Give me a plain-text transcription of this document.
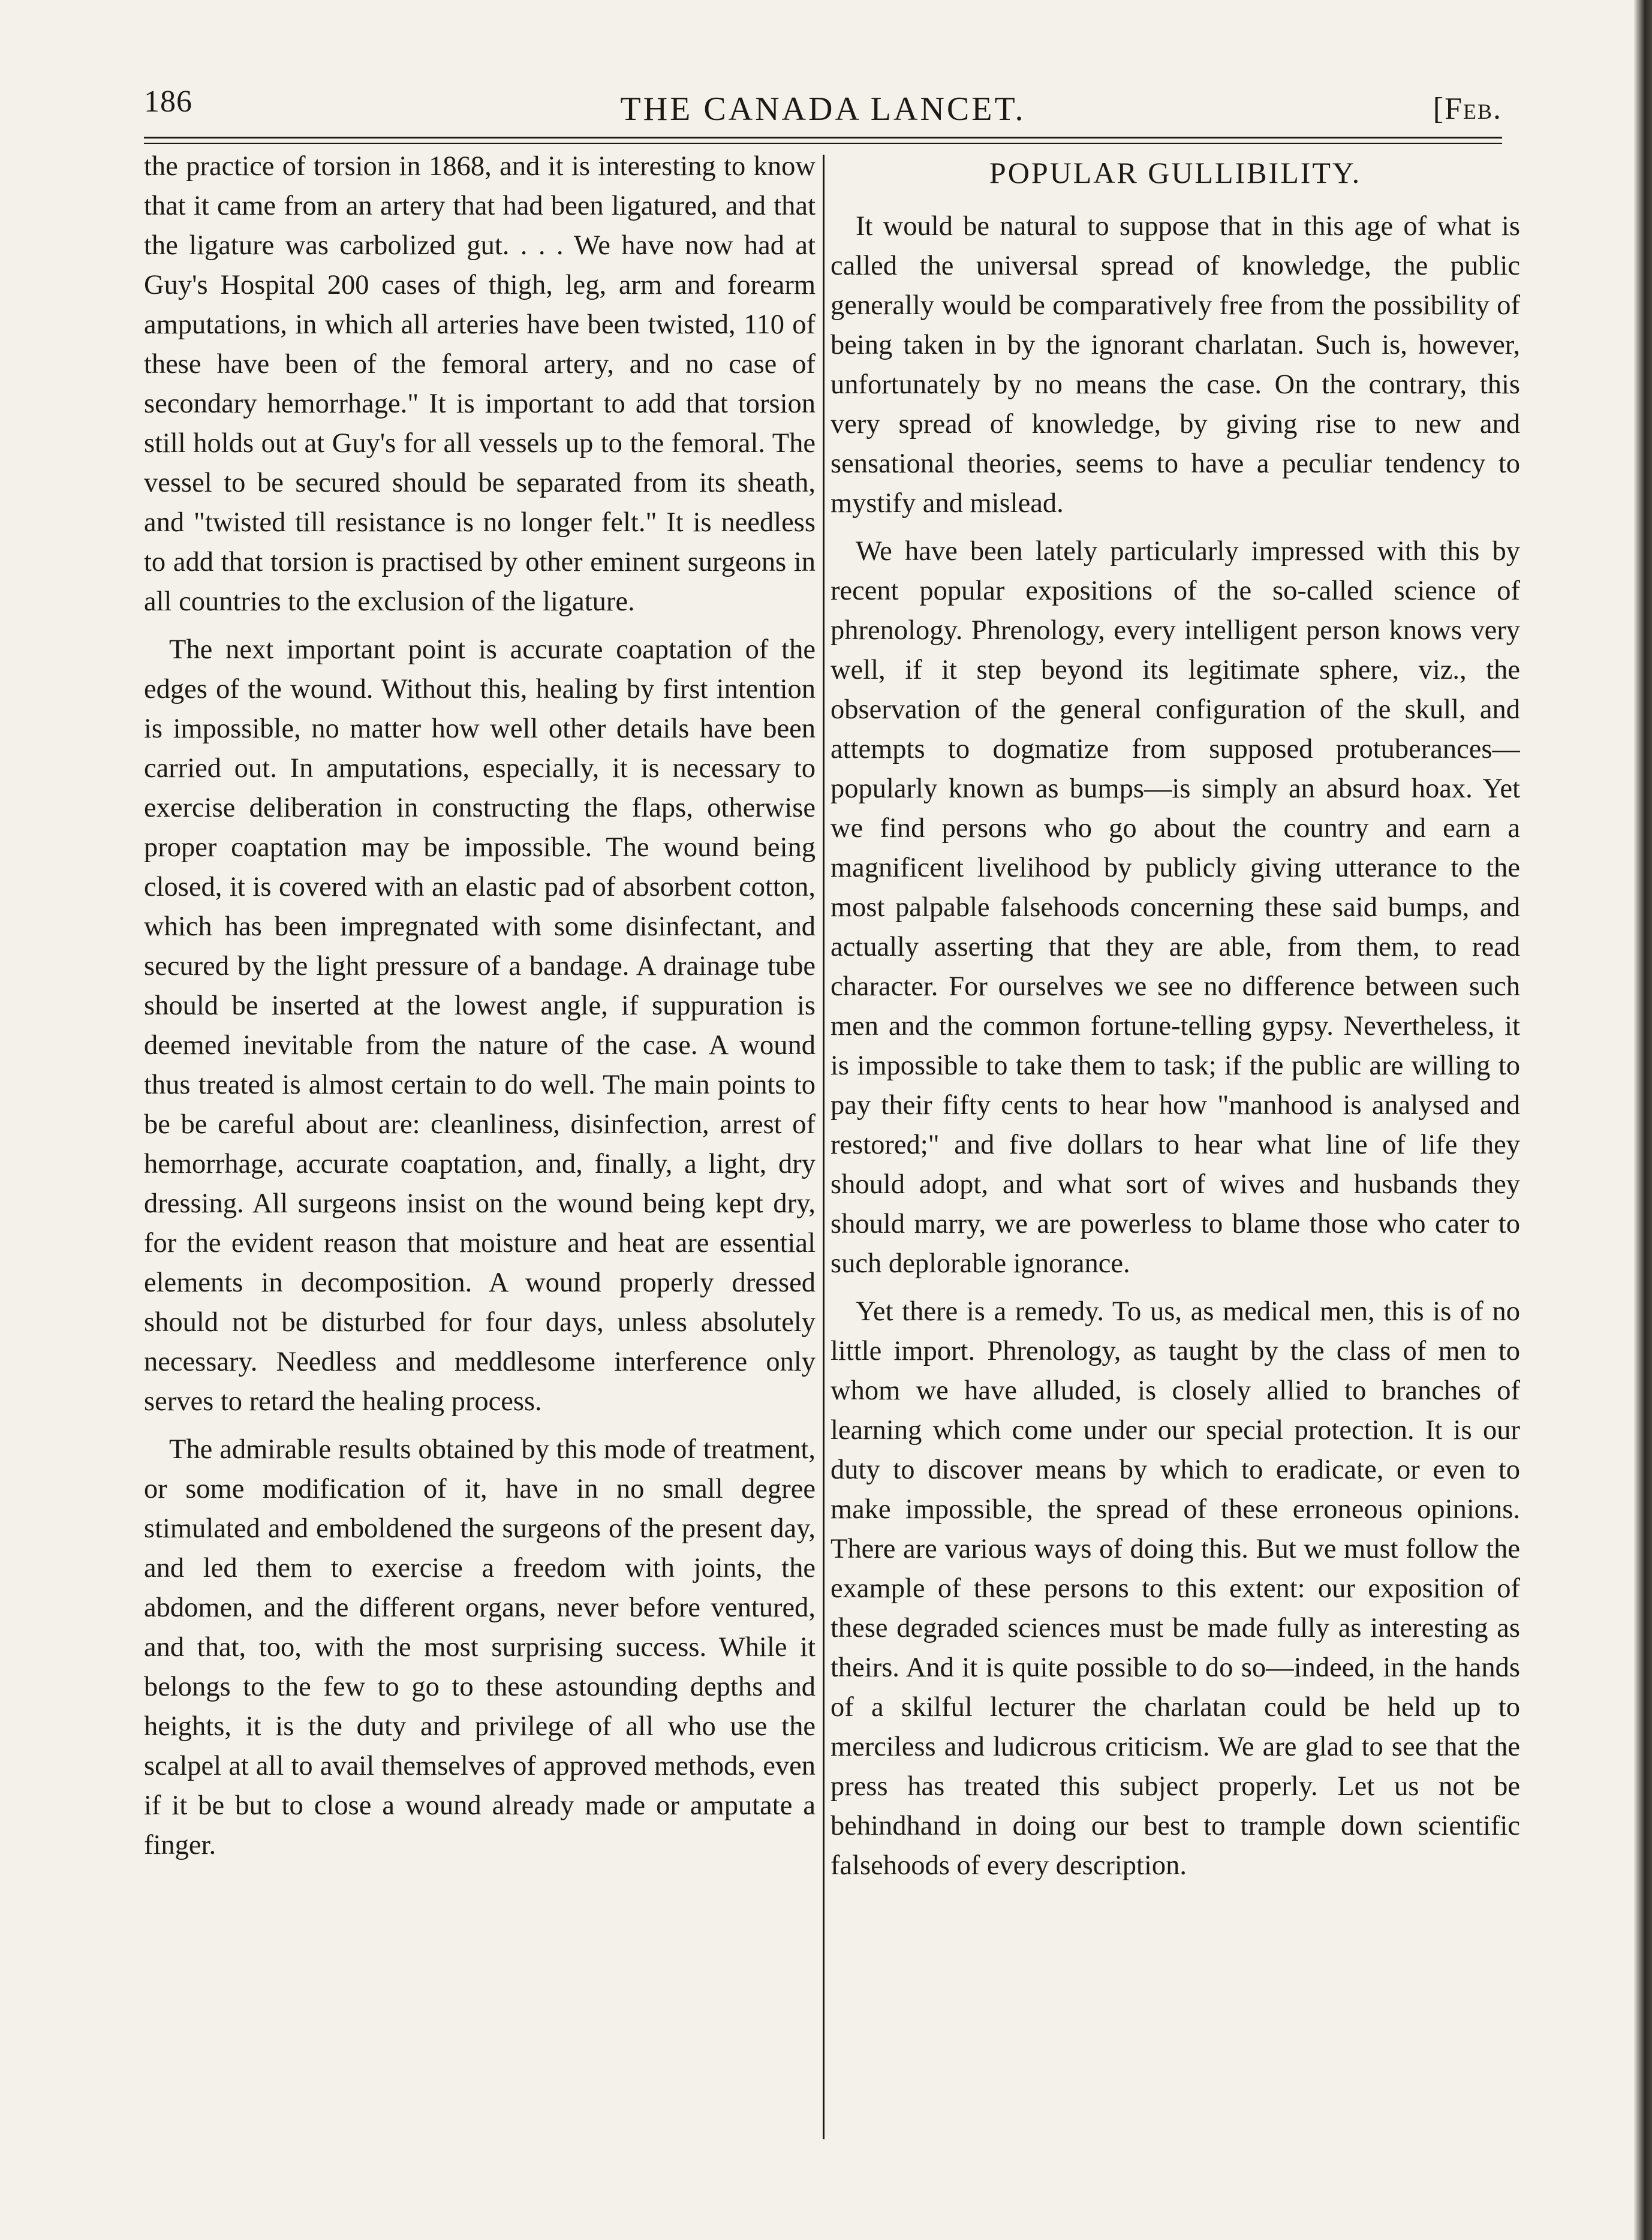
186	THE CANADA LANCET.	[Feb.

the practice of torsion in 1868, and it is interesting to know that it came from an artery that had been ligatured, and that the ligature was carbolized gut. . . . We have now had at Guy's Hospital 200 cases of thigh, leg, arm and forearm amputations, in which all arteries have been twisted, 110 of these have been of the femoral artery, and no case of secondary hemorrhage." It is important to add that torsion still holds out at Guy's for all vessels up to the femoral. The vessel to be secured should be separated from its sheath, and "twisted till resistance is no longer felt." It is needless to add that torsion is practised by other eminent surgeons in all countries to the exclusion of the ligature.

The next important point is accurate coaptation of the edges of the wound. Without this, healing by first intention is impossible, no matter how well other details have been carried out. In amputations, especially, it is necessary to exercise deliberation in constructing the flaps, otherwise proper coaptation may be impossible. The wound being closed, it is covered with an elastic pad of absorbent cotton, which has been impregnated with some disinfectant, and secured by the light pressure of a bandage. A drainage tube should be inserted at the lowest angle, if suppuration is deemed inevitable from the nature of the case. A wound thus treated is almost certain to do well. The main points to be be careful about are: cleanliness, disinfection, arrest of hemorrhage, accurate coaptation, and, finally, a light, dry dressing. All surgeons insist on the wound being kept dry, for the evident reason that moisture and heat are essential elements in decomposition. A wound properly dressed should not be disturbed for four days, unless absolutely necessary. Needless and meddlesome interference only serves to retard the healing process.

The admirable results obtained by this mode of treatment, or some modification of it, have in no small degree stimulated and emboldened the surgeons of the present day, and led them to exercise a freedom with joints, the abdomen, and the different organs, never before ventured, and that, too, with the most surprising success. While it belongs to the few to go to these astounding depths and heights, it is the duty and privilege of all who use the scalpel at all to avail themselves of approved methods, even if it be but to close a wound already made or amputate a finger.

POPULAR GULLIBILITY.

It would be natural to suppose that in this age of what is called the universal spread of knowledge, the public generally would be comparatively free from the possibility of being taken in by the ignorant charlatan. Such is, however, unfortunately by no means the case. On the contrary, this very spread of knowledge, by giving rise to new and sensational theories, seems to have a peculiar tendency to mystify and mislead.

We have been lately particularly impressed with this by recent popular expositions of the so-called science of phrenology. Phrenology, every intelligent person knows very well, if it step beyond its legitimate sphere, viz., the observation of the general configuration of the skull, and attempts to dogmatize from supposed protuberances—popularly known as bumps—is simply an absurd hoax. Yet we find persons who go about the country and earn a magnificent livelihood by publicly giving utterance to the most palpable falsehoods concerning these said bumps, and actually asserting that they are able, from them, to read character. For ourselves we see no difference between such men and the common fortune-telling gypsy. Nevertheless, it is impossible to take them to task; if the public are willing to pay their fifty cents to hear how "manhood is analysed and restored;" and five dollars to hear what line of life they should adopt, and what sort of wives and husbands they should marry, we are powerless to blame those who cater to such deplorable ignorance.

Yet there is a remedy. To us, as medical men, this is of no little import. Phrenology, as taught by the class of men to whom we have alluded, is closely allied to branches of learning which come under our special protection. It is our duty to discover means by which to eradicate, or even to make impossible, the spread of these erroneous opinions. There are various ways of doing this. But we must follow the example of these persons to this extent: our exposition of these degraded sciences must be made fully as interesting as theirs. And it is quite possible to do so—indeed, in the hands of a skilful lecturer the charlatan could be held up to merciless and ludicrous criticism. We are glad to see that the press has treated this subject properly. Let us not be behindhand in doing our best to trample down scientific falsehoods of every description.
